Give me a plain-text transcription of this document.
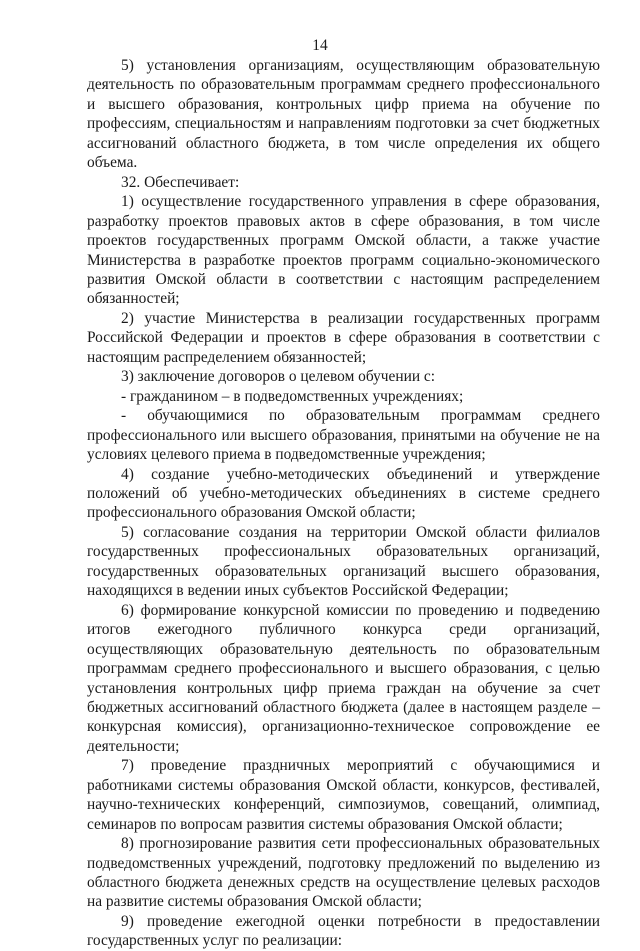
14

5) установления организациям, осуществляющим образовательную деятельность по образовательным программам среднего профессионального и высшего образования, контрольных цифр приема на обучение по профессиям, специальностям и направлениям подготовки за счет бюджетных ассигнований областного бюджета, в том числе определения их общего объема.

32. Обеспечивает:

1) осуществление государственного управления в сфере образования, разработку проектов правовых актов в сфере образования, в том числе проектов государственных программ Омской области, а также участие Министерства в разработке проектов программ социально-экономического развития Омской области в соответствии с настоящим распределением обязанностей;

2) участие Министерства в реализации государственных программ Российской Федерации и проектов в сфере образования в соответствии с настоящим распределением обязанностей;

3) заключение договоров о целевом обучении с:

- гражданином – в подведомственных учреждениях;

- обучающимися по образовательным программам среднего профессионального или высшего образования, принятыми на обучение не на условиях целевого приема в подведомственные учреждения;

4) создание учебно-методических объединений и утверждение положений об учебно-методических объединениях в системе среднего профессионального образования Омской области;

5) согласование создания на территории Омской области филиалов государственных профессиональных образовательных организаций, государственных образовательных организаций высшего образования, находящихся в ведении иных субъектов Российской Федерации;

6) формирование конкурсной комиссии по проведению и подведению итогов ежегодного публичного конкурса среди организаций, осуществляющих образовательную деятельность по образовательным программам среднего профессионального и высшего образования, с целью установления контрольных цифр приема граждан на обучение за счет бюджетных ассигнований областного бюджета (далее в настоящем разделе – конкурсная комиссия), организационно-техническое сопровождение ее деятельности;

7) проведение праздничных мероприятий с обучающимися и работниками системы образования Омской области, конкурсов, фестивалей, научно-технических конференций, симпозиумов, совещаний, олимпиад, семинаров по вопросам развития системы образования Омской области;

8) прогнозирование развития сети профессиональных образовательных подведомственных учреждений, подготовку предложений по выделению из областного бюджета денежных средств на осуществление целевых расходов на развитие системы образования Омской области;

9) проведение ежегодной оценки потребности в предоставлении государственных услуг по реализации:
